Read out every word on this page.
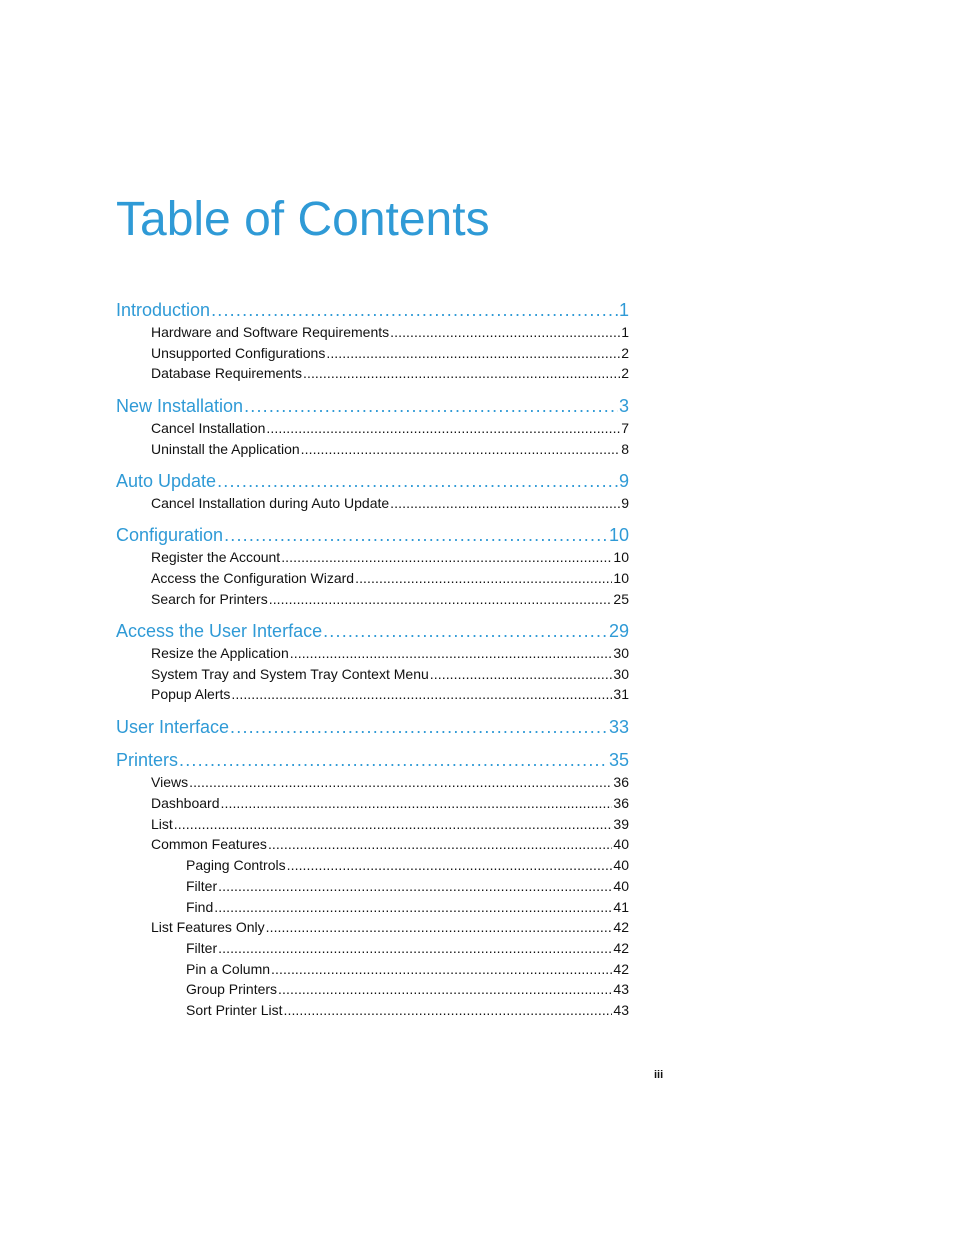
Table of Contents
Introduction . . .	1
Hardware and Software Requirements . . .	1
Unsupported Configurations . . .	2
Database Requirements . . .	2
New Installation . . .	3
Cancel Installation . . .	7
Uninstall the Application . . .	8
Auto Update . . .	9
Cancel Installation during Auto Update . . .	9
Configuration . . .	10
Register the Account . . .	10
Access the Configuration Wizard . . .	10
Search for Printers . . .	25
Access the User Interface . . .	29
Resize the Application . . .	30
System Tray and System Tray Context Menu . . .	30
Popup Alerts . . .	31
User Interface . . .	33
Printers . . .	35
Views . . .	36
Dashboard . . .	36
List . . .	39
Common Features . . .	40
Paging Controls . . .	40
Filter . . .	40
Find . . .	41
List Features Only . . .	42
Filter . . .	42
Pin a Column . . .	42
Group Printers . . .	43
Sort Printer List . . .	43
iii
